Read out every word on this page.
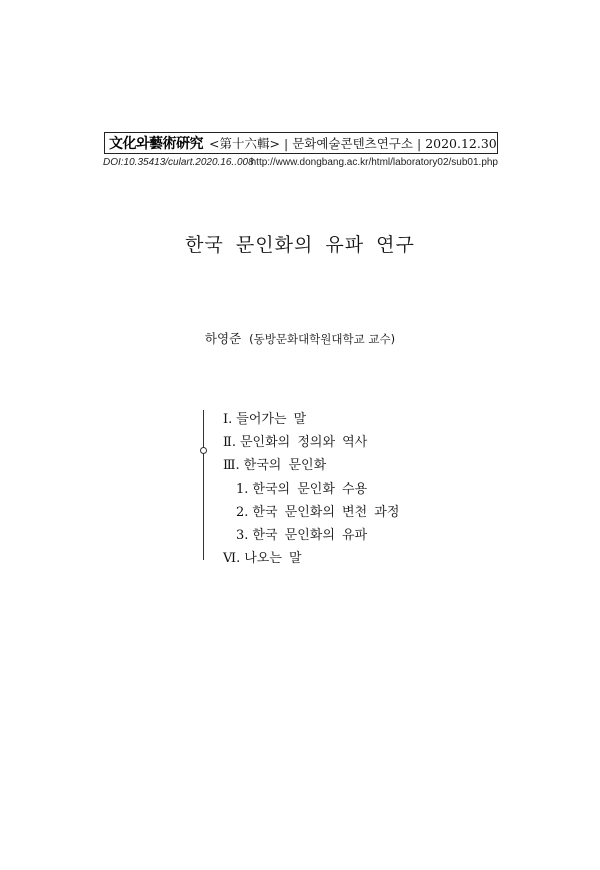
文化와藝術硏究 <第十六輯> | 문화예술콘텐츠연구소 | 2020.12.30
DOI:10.35413/culart.2020.16..008
http://www.dongbang.ac.kr/html/laboratory02/sub01.php
한국 문인화의 유파 연구
하영준 (동방문화대학원대학교 교수)
Ⅰ. 들어가는 말
Ⅱ. 문인화의 정의와 역사
Ⅲ. 한국의 문인화
1. 한국의 문인화 수용
2. 한국 문인화의 변천 과정
3. 한국 문인화의 유파
Ⅵ. 나오는 말
